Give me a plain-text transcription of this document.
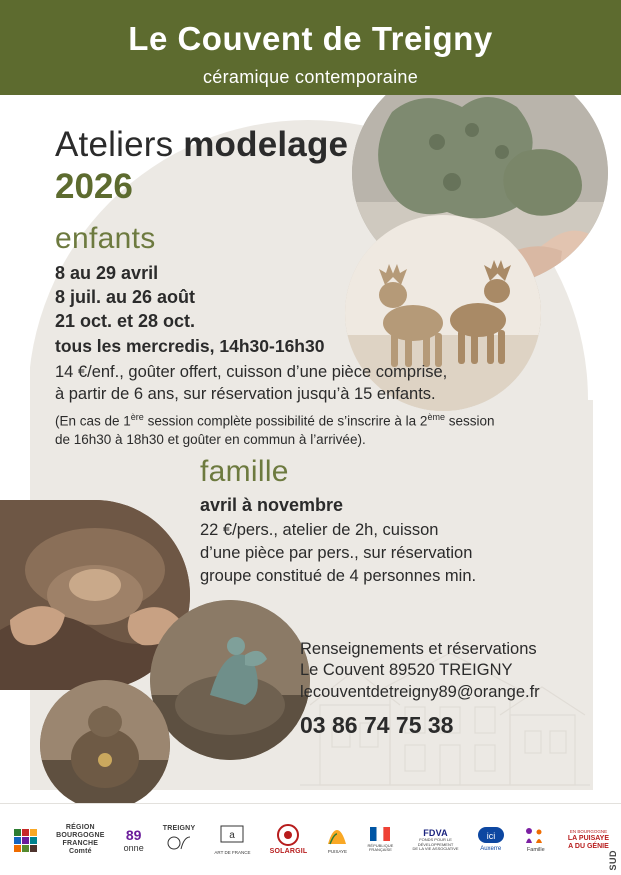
Le Couvent de Treigny
céramique contemporaine
Ateliers modelage
2026
enfants
8 au 29 avril
8 juil. au 26 août
21 oct. et 28 oct.
tous les mercredis, 14h30-16h30
14 €/enf., goûter offert, cuisson d’une pièce comprise,
à partir de 6 ans, sur réservation jusqu’à 15 enfants.
(En cas de 1ère session complète possibilité de s’inscrire à la 2ème session
de 16h30 à 18h30 et goûter en commun à l’arrivée).
famille
avril à novembre
22 €/pers., atelier de 2h, cuisson
d’une pièce par pers., sur réservation
groupe constitué de 4 personnes min.
Renseignements et réservations
Le Couvent 89520 TREIGNY
lecouventdetreigny89@orange.fr
03 86 74 75 38
RÉGION
BOURGOGNE
FRANCHE
Comté
89
onne
TREIGNY
a
ART DE FRANCE	SOLARGIL	PUISAYE
RÉPUBLIQUE
FRANÇAISE
FDVA
FONDS POUR LE
DÉVELOPPEMENT
DE LA VIE ASSOCIATIVE
ici
Auxerre	Famille
EN BOURGOGNE
LA PUISAYE
A DU GÉNIE
SUD
